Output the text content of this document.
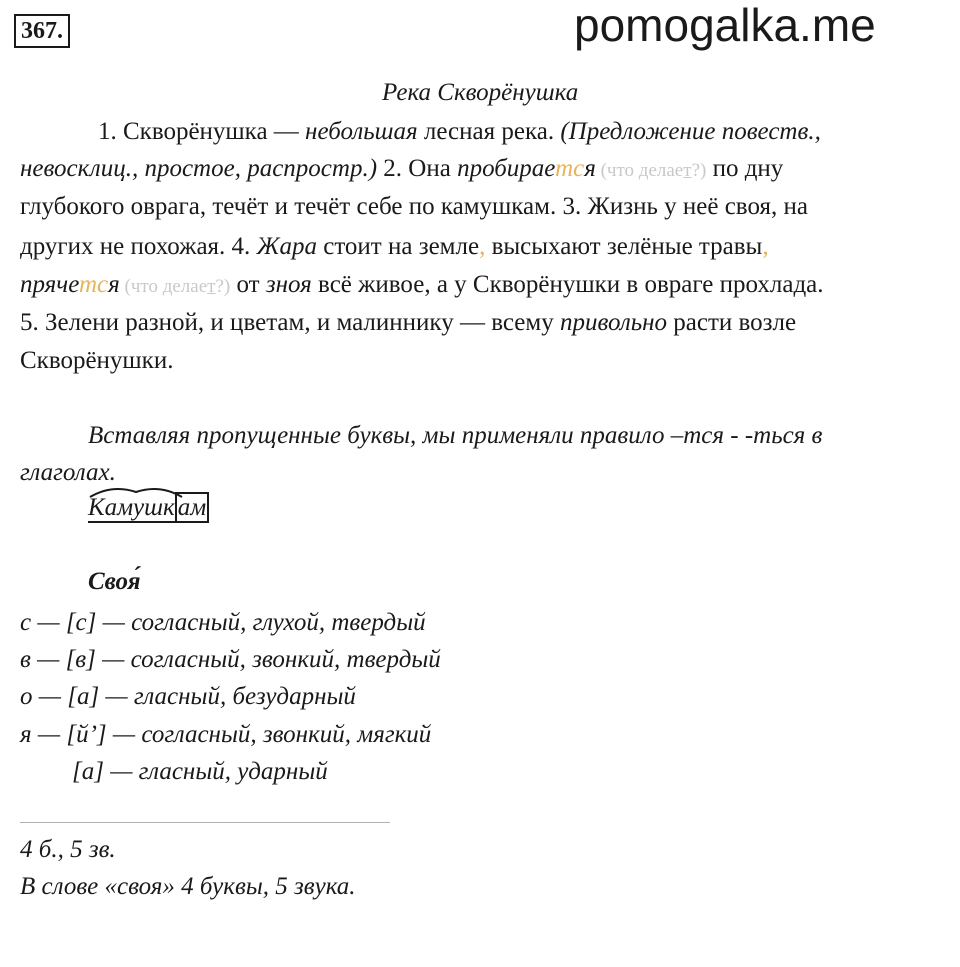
367.	pomogalka.me
Река Скворёнушка
1. Скворёнушка — небольшая лесная река. (Предложение повеств.,
невосклиц., простое, распростр.) 2. Она пробирается (что делает?) по дну
глубокого оврага, течёт и течёт себе по камушкам. 3. Жизнь у неё своя, на
других не похожая. 4. Жара стоит на земле, высыхают зелёные травы,
прячется (что делает?) от зноя всё живое, а у Скворёнушки в овраге прохлада.
5. Зелени разной, и цветам, и малиннику — всему привольно расти возле
Скворёнушки.
Вставляя пропущенные буквы, мы применяли правило –тся - -ться в
глаголах.
Камушк ам
Своя́
с — [с] — согласный, глухой, твердый
в — [в] — согласный, звонкий, твердый
о — [а] — гласный, безударный
я — [й’] — согласный, звонкий, мягкий
[а] — гласный, ударный
4 б., 5 зв.
В слове «своя» 4 буквы, 5 звука.
